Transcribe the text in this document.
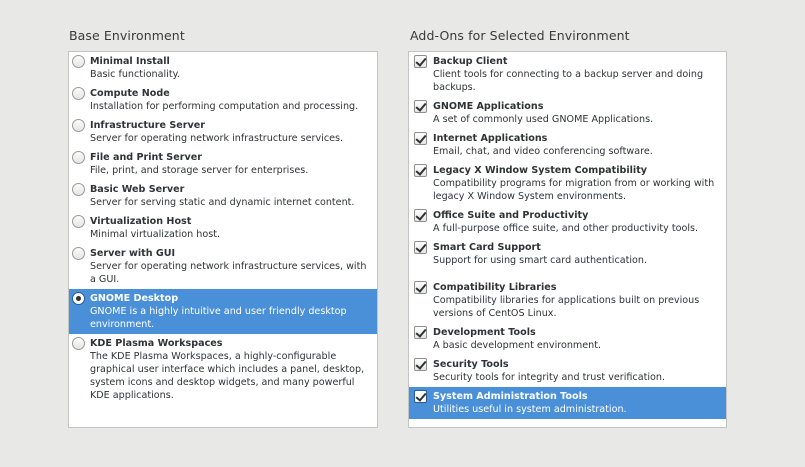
Base Environment	Add-Ons for Selected Environment
Minimal Install
Basic functionality.
Compute Node
Installation for performing computation and processing.
Infrastructure Server
Server for operating network infrastructure services.
File and Print Server
File, print, and storage server for enterprises.
Basic Web Server
Server for serving static and dynamic internet content.
Virtualization Host
Minimal virtualization host.
Server with GUI
Server for operating network infrastructure services, with a GUI.
GNOME Desktop
GNOME is a highly intuitive and user friendly desktop environment.
KDE Plasma Workspaces
The KDE Plasma Workspaces, a highly-configurable graphical user interface which includes a panel, desktop, system icons and desktop widgets, and many powerful KDE applications.
Backup Client
Client tools for connecting to a backup server and doing backups.
GNOME Applications
A set of commonly used GNOME Applications.
Internet Applications
Email, chat, and video conferencing software.
Legacy X Window System Compatibility
Compatibility programs for migration from or working with legacy X Window System environments.
Office Suite and Productivity
A full-purpose office suite, and other productivity tools.
Smart Card Support
Support for using smart card authentication.
Compatibility Libraries
Compatibility libraries for applications built on previous versions of CentOS Linux.
Development Tools
A basic development environment.
Security Tools
Security tools for integrity and trust verification.
System Administration Tools
Utilities useful in system administration.
